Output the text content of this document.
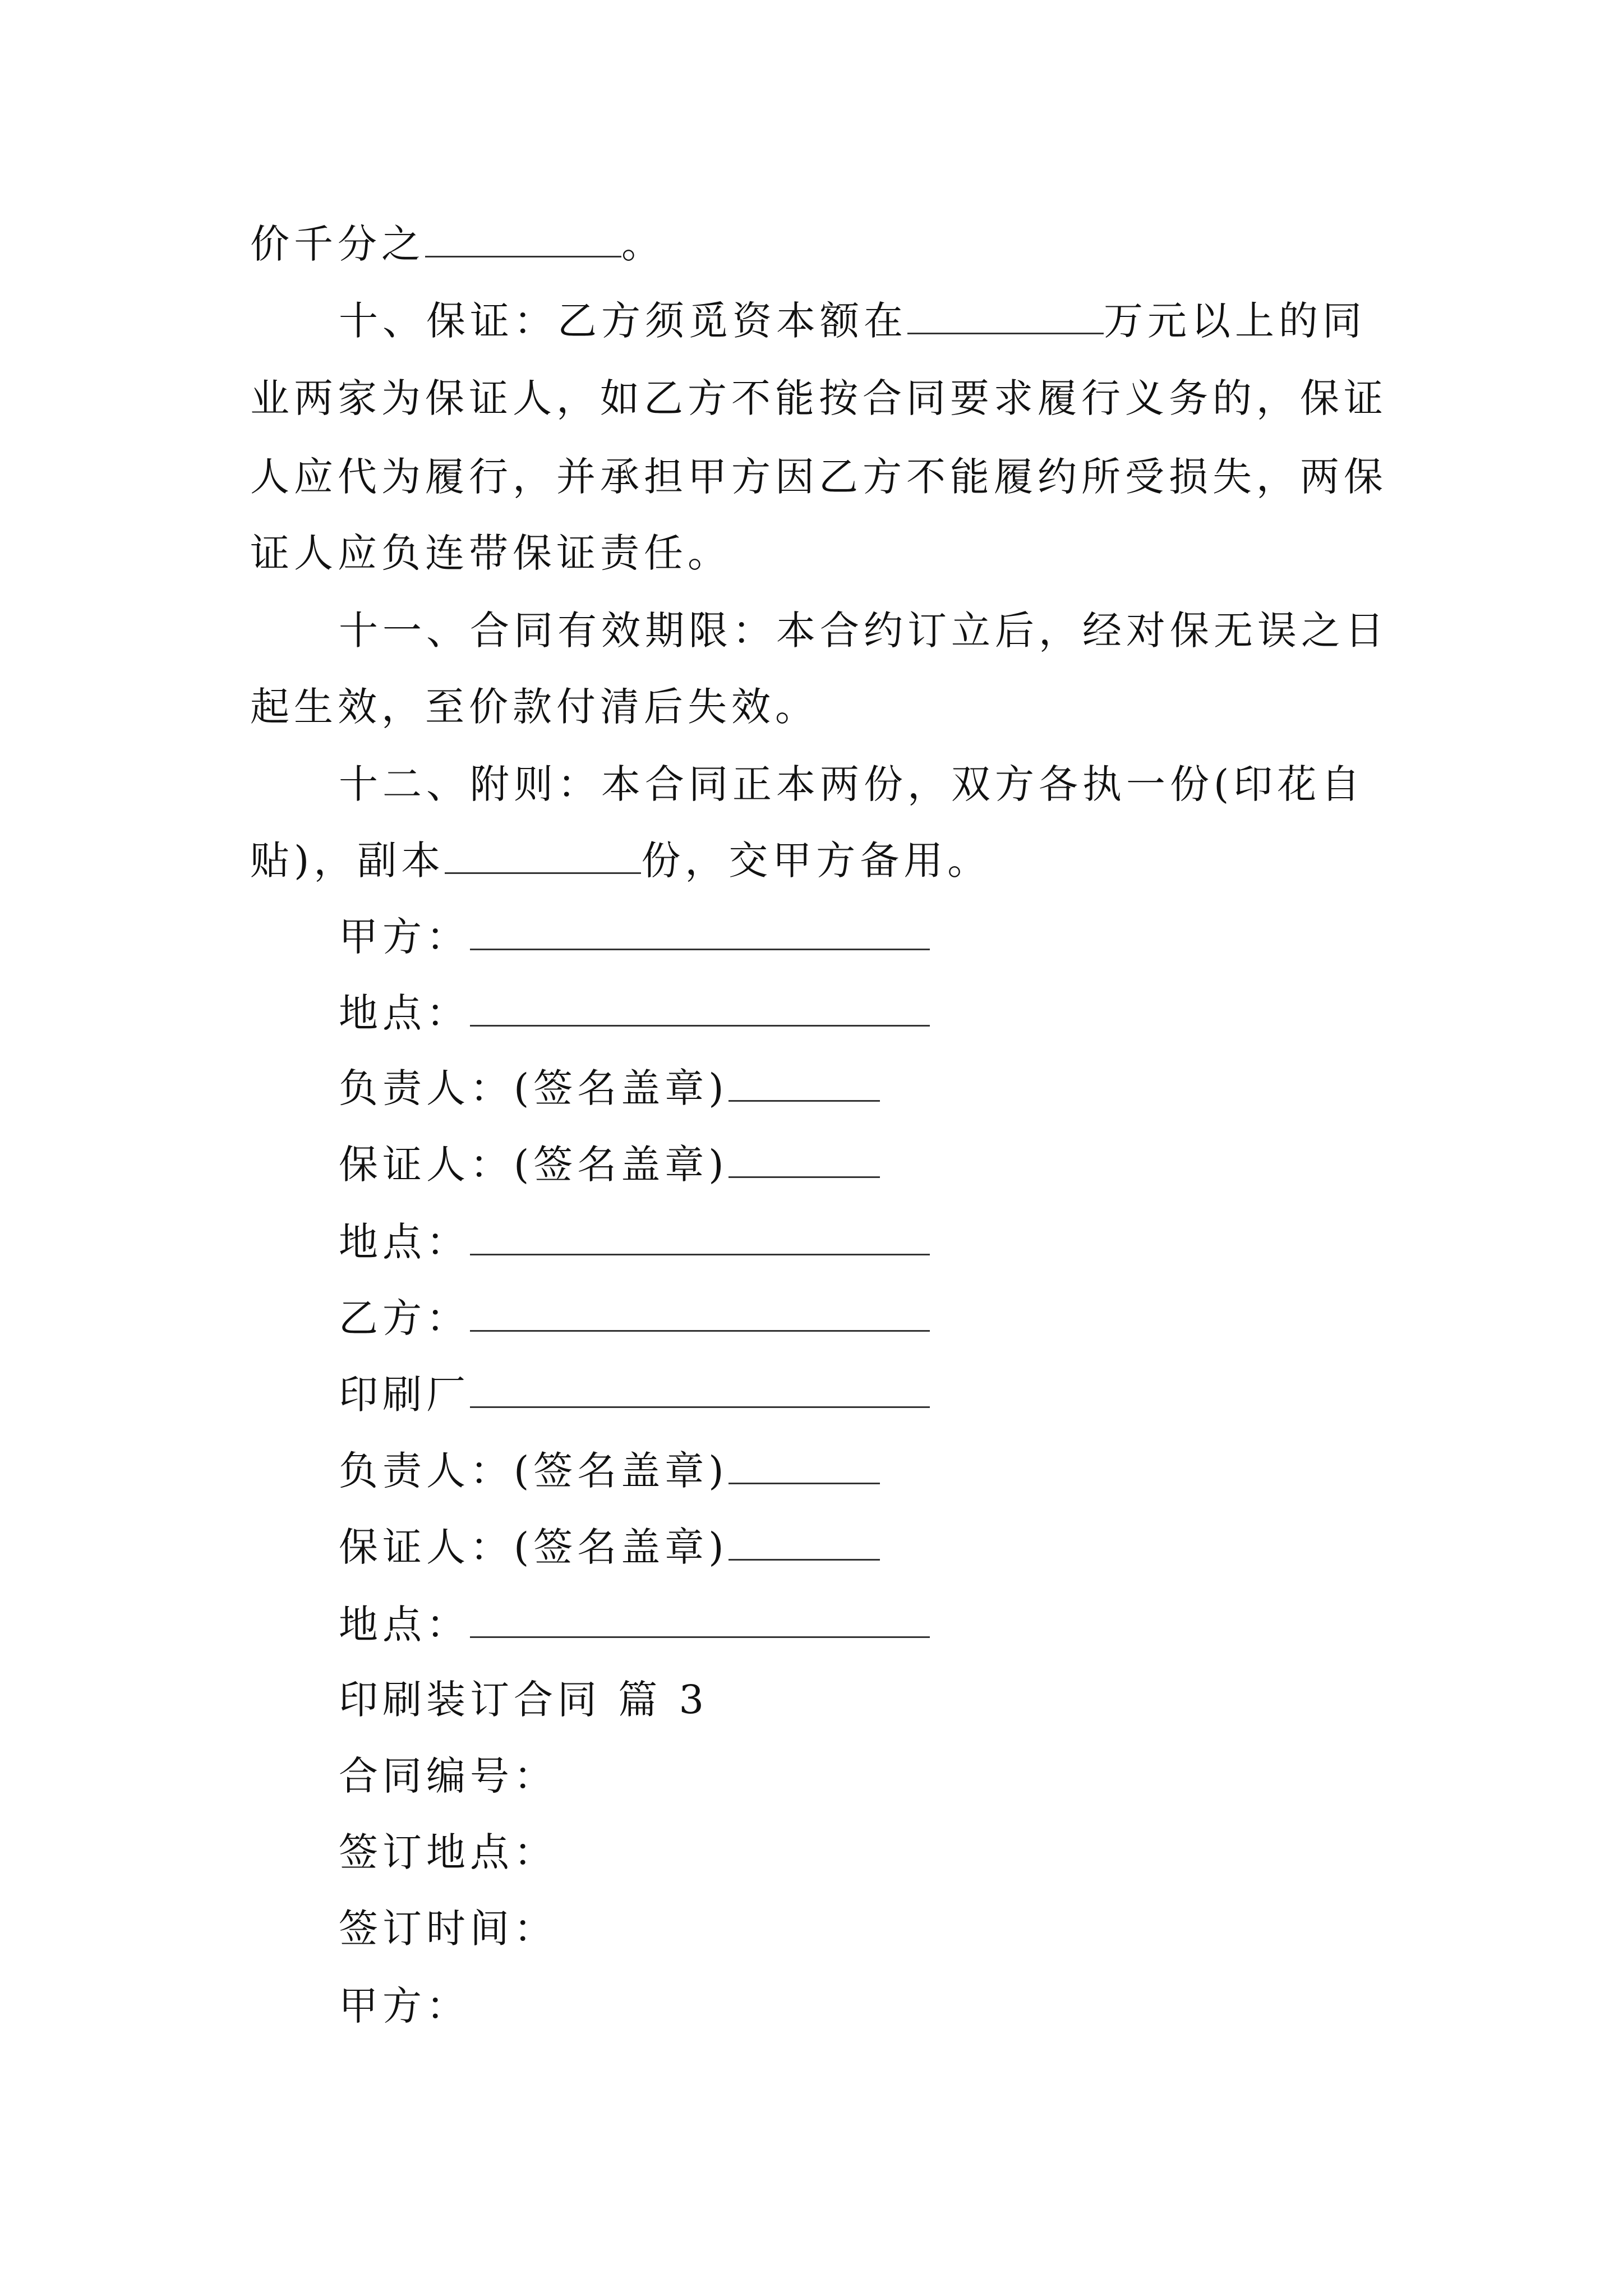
价千分之	。
十、保证：乙方须觅资本额在	万元以上的同
业两家为保证人，如乙方不能按合同要求履行义务的，保证
人应代为履行，并承担甲方因乙方不能履约所受损失，两保
证人应负连带保证责任。
十一、合同有效期限：本合约订立后，经对保无误之日
起生效，至价款付清后失效。
十二、附则：本合同正本两份，双方各执一份(印花自
贴)，副本	份，交甲方备用。
甲方：
地点：
负责人：(签名盖章)
保证人：(签名盖章)
地点：
乙方：
印刷厂
负责人：(签名盖章)
保证人：(签名盖章)
地点：
印刷装订合同 篇 3
合同编号：
签订地点：
签订时间：
甲方：
